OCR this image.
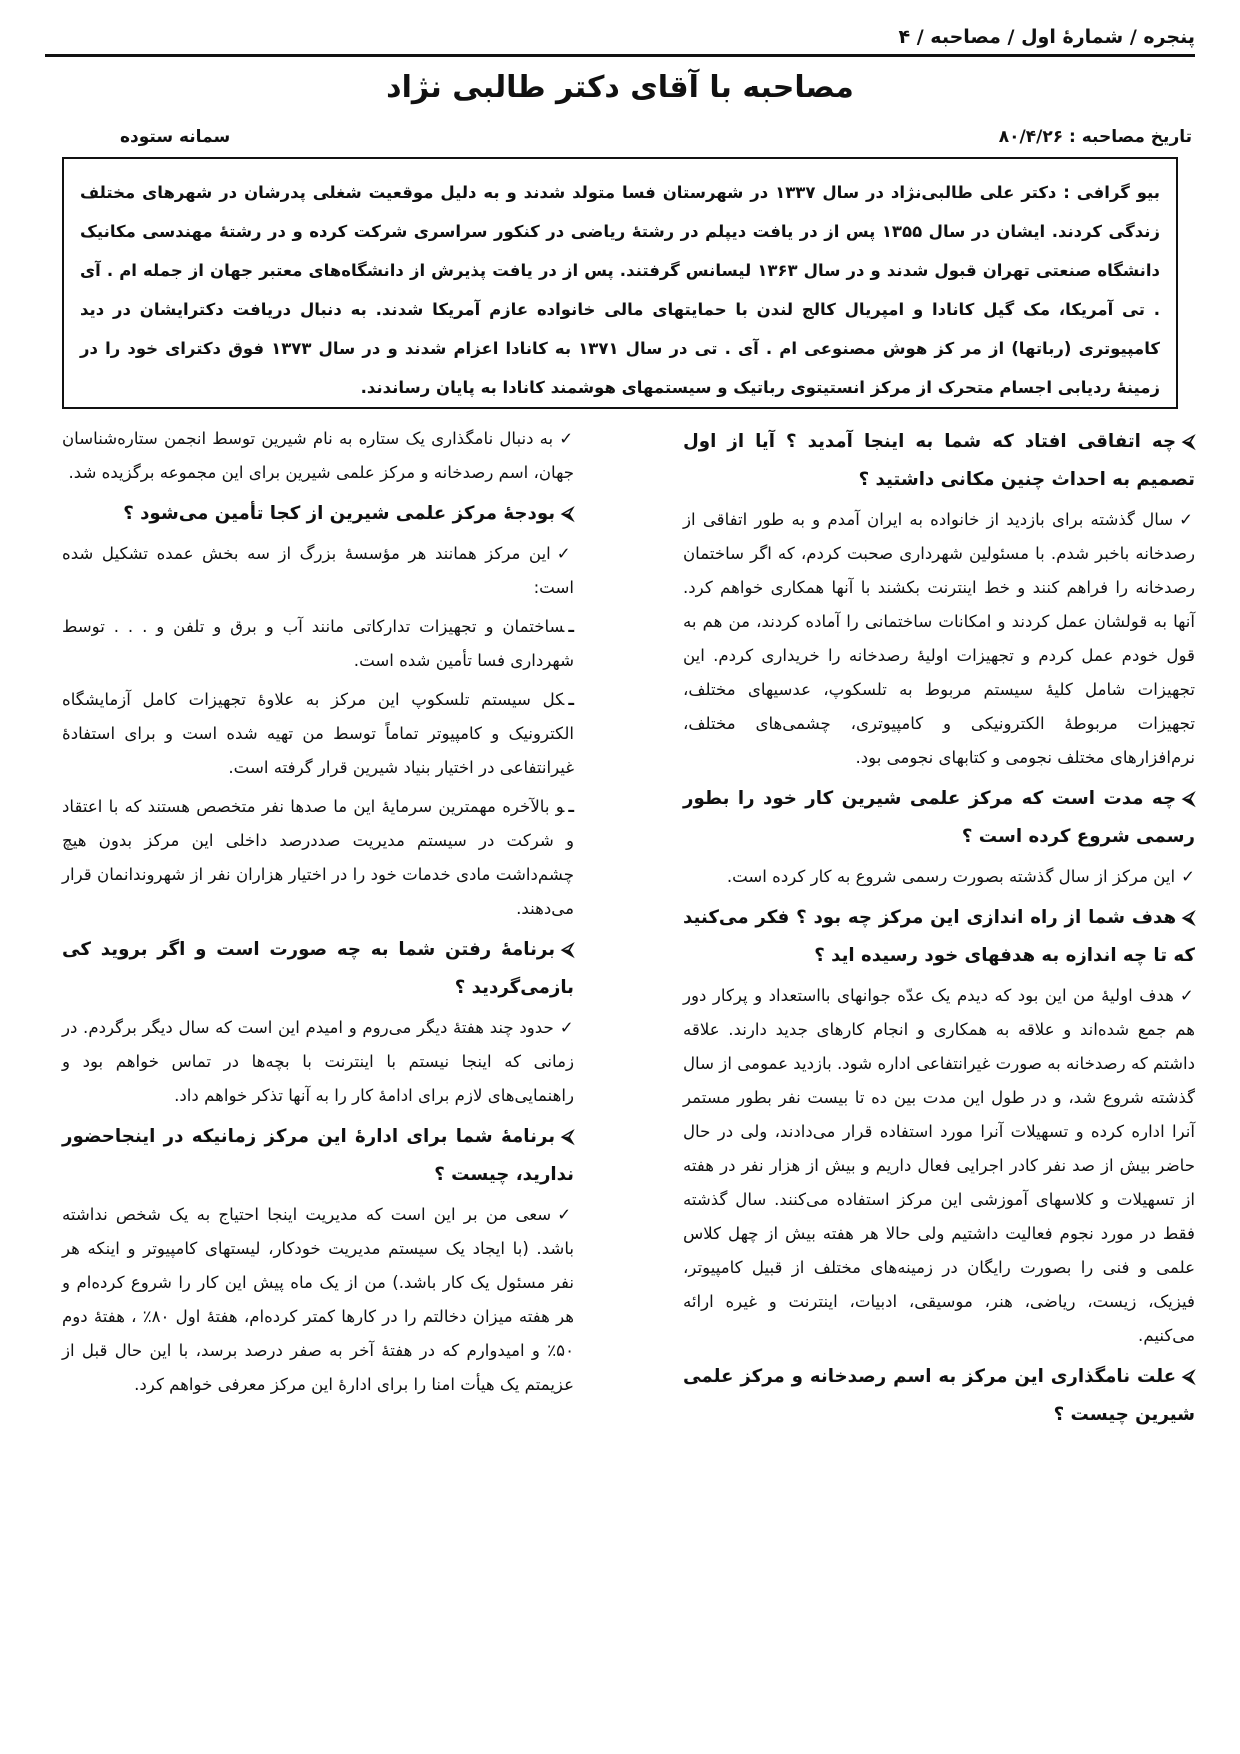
پنجره / شمارهٔ اول / مصاحبه / ۴
مصاحبه با آقای دکتر طالبی نژاد
تاریخ مصاحبه : ۸۰/۴/۲۶
سمانه ستوده
بیو گرافی : دکتر علی طالبی‌نژاد در سال ۱۳۳۷ در شهرستان فسا متولد شدند و به دلیل موقعیت شغلی پدرشان در شهرهای مختلف زندگی کردند. ایشان در سال ۱۳۵۵ پس از در یافت دیپلم در رشتهٔ ریاضی در کنکور سراسری شرکت کرده و در رشتهٔ مهندسی مکانیک دانشگاه صنعتی تهران قبول شدند و در سال ۱۳۶۳ لیسانس گرفتند. پس از در یافت پذیرش از دانشگاه‌های معتبر جهان از جمله ام . آی . تی آمریکا، مک گیل کانادا و امپریال کالج لندن با حمایتهای مالی خانواده عازم آمریکا شدند. به دنبال دریافت دکترایشان در دید کامپیوتری (رباتها) از مر کز هوش مصنوعی ام . آی . تی در سال ۱۳۷۱ به کانادا اعزام شدند و در سال ۱۳۷۳ فوق دکترای خود را در زمینهٔ ردیابی اجسام متحرک از مرکز انستیتوی رباتیک و سیستمهای هوشمند کانادا به پایان رساندند.
⮘چه اتفاقی افتاد که شما به اینجا آمدید ؟ آیا از اول تصمیم به احداث چنین مکانی داشتید ؟
✓سال گذشته برای بازدید از خانواده به ایران آمدم و به طور اتفاقی از رصدخانه باخبر شدم. با مسئولین شهرداری صحبت کردم، که اگر ساختمان رصدخانه را فراهم کنند و خط اینترنت بکشند با آنها همکاری خواهم کرد. آنها به قولشان عمل کردند و امکانات ساختمانی را آماده کردند، من هم به قول خودم عمل کردم و تجهیزات اولیهٔ رصدخانه را خریداری کردم. این تجهیزات شامل کلیهٔ سیستم مربوط به تلسکوپ، عدسیهای مختلف، تجهیزات مربوطهٔ الکترونیکی و کامپیوتری، چشمی‌های مختلف، نرم‌افزارهای مختلف نجومی و کتابهای نجومی بود.
⮘چه مدت است که مرکز علمی شیرین کار خود را بطور رسمی شروع کرده است ؟
✓این مرکز از سال گذشته بصورت رسمی شروع به کار کرده است.
⮘هدف شما از راه اندازی این مرکز چه بود ؟ فکر می‌کنید که تا چه اندازه به هدفهای خود رسیده اید ؟
✓هدف اولیهٔ من این بود که دیدم یک عدّه جوانهای بااستعداد و پرکار دور هم جمع شده‌اند و علاقه به همکاری و انجام کارهای جدید دارند. علاقه داشتم که رصدخانه به صورت غیرانتفاعی اداره شود. بازدید عمومی از سال گذشته شروع شد، و در طول این مدت بین ده تا بیست نفر بطور مستمر آنرا اداره کرده و تسهیلات آنرا مورد استفاده قرار می‌دادند، ولی در حال حاضر بیش از صد نفر کادر اجرایی فعال داریم و بیش از هزار نفر در هفته از تسهیلات و کلاسهای آموزشی این مرکز استفاده می‌کنند. سال گذشته فقط در مورد نجوم فعالیت داشتیم ولی حالا هر هفته بیش از چهل کلاس علمی و فنی را بصورت رایگان در زمینه‌های مختلف از قبیل کامپیوتر، فیزیک، زیست، ریاضی، هنر، موسیقی، ادبیات، اینترنت و غیره ارائه می‌کنیم.
⮘علت نامگذاری این مرکز به اسم رصدخانه و مرکز علمی شیرین چیست ؟
✓به دنبال نامگذاری یک ستاره به نام شیرین توسط انجمن ستاره‌شناسان جهان، اسم رصدخانه و مرکز علمی شیرین برای این مجموعه برگزیده شد.
⮘بودجهٔ مرکز علمی شیرین از کجا تأمین می‌شود ؟
✓این مرکز همانند هر مؤسسهٔ بزرگ از سه بخش عمده تشکیل شده است:
ـساختمان و تجهیزات تدارکاتی مانند آب و برق و تلفن و . . . توسط شهرداری فسا تأمین شده است.
ـکل سیستم تلسکوپ این مرکز به علاوهٔ تجهیزات کامل آزمایشگاه الکترونیک و کامپیوتر تماماً توسط من تهیه شده است و برای استفادهٔ غیرانتفاعی در اختیار بنیاد شیرین قرار گرفته است.
ـو بالآخره مهمترین سرمایهٔ این ما صدها نفر متخصص هستند که با اعتقاد و شرکت در سیستم مدیریت صددرصد داخلی این مرکز بدون هیچ چشم‌داشت مادی خدمات خود را در اختیار هزاران نفر از شهروندانمان قرار می‌دهند.
⮘برنامهٔ رفتن شما به چه صورت است و اگر بروید کی بازمی‌گردید ؟
✓حدود چند هفتهٔ دیگر می‌روم و امیدم این است که سال دیگر برگردم. در زمانی که اینجا نیستم با اینترنت با بچه‌ها در تماس خواهم بود و راهنمایی‌های لازم برای ادامهٔ کار را به آنها تذکر خواهم داد.
⮘برنامهٔ شما برای ادارهٔ این مرکز زمانیکه در اینجاحضور ندارید، چیست ؟
✓سعی من بر این است که مدیریت اینجا احتیاج به یک شخص نداشته باشد. (با ایجاد یک سیستم مدیریت خودکار، لیستهای کامپیوتر و اینکه هر نفر مسئول یک کار باشد.) من از یک ماه پیش این کار را شروع کرده‌ام و هر هفته میزان دخالتم را در کارها کمتر کرده‌ام، هفتهٔ اول ۸۰٪ ، هفتهٔ دوم ۵۰٪ و امیدوارم که در هفتهٔ آخر به صفر درصد برسد، با این حال قبل از عزیمتم یک هیأت امنا را برای ادارهٔ این مرکز معرفی خواهم کرد.
